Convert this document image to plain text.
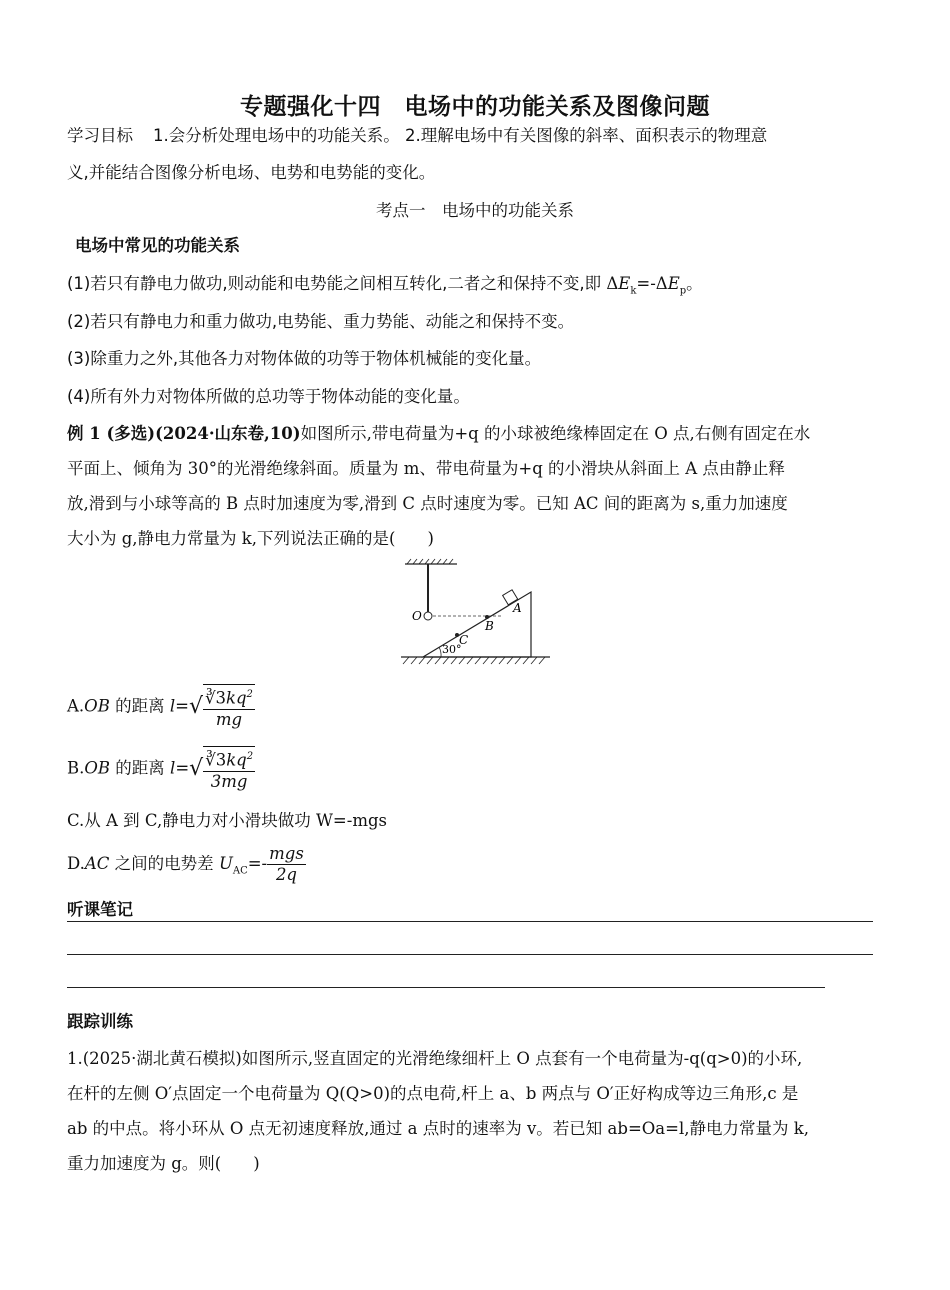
专题强化十四　电场中的功能关系及图像问题
学习目标 1.会分析处理电场中的功能关系。 2.理解电场中有关图像的斜率、面积表示的物理意
义,并能结合图像分析电场、电势和电势能的变化。
考点一　电场中的功能关系
电场中常见的功能关系
(1)若只有静电力做功,则动能和电势能之间相互转化,二者之和保持不变,即 $\Delta E_k=-\Delta E_p$。
(2)若只有静电力和重力做功,电势能、重力势能、动能之和保持不变。
(3)除重力之外,其他各力对物体做的功等于物体机械能的变化量。
(4)所有外力对物体所做的总功等于物体动能的变化量。
例 1 (多选)(2024·山东卷,10)如图所示,带电荷量为+q 的小球被绝缘棒固定在 O 点,右侧有固定在水
平面上、倾角为 30°的光滑绝缘斜面。质量为 m、带电荷量为+q 的小滑块从斜面上 A 点由静止释
放,滑到与小球等高的 B 点时加速度为零,滑到 C 点时速度为零。已知 AC 间的距离为 s,重力加速度
大小为 g,静电力常量为 k,下列说法正确的是( )
O
A
B
C
30°
A.OB 的距离 $l=√ \frac{∛3kq^2}{mg}$
B.OB 的距离 $l=√ \frac{∛3kq^2}{3mg}$
C.从 A 到 C,静电力对小滑块做功 W=-mgs
D.AC 之间的电势差 $U_{AC}=- \frac{\text{mgs}}{2q}$
听课笔记
跟踪训练
1.(2025·湖北黄石模拟)如图所示,竖直固定的光滑绝缘细杆上 O 点套有一个电荷量为-q(q>0)的小环,
在杆的左侧 O′点固定一个电荷量为 Q(Q>0)的点电荷,杆上 a、b 两点与 O′正好构成等边三角形,c 是
ab 的中点。将小环从 O 点无初速度释放,通过 a 点时的速率为 v。若已知 ab=Oa=l,静电力常量为 k,
重力加速度为 g。则( )
